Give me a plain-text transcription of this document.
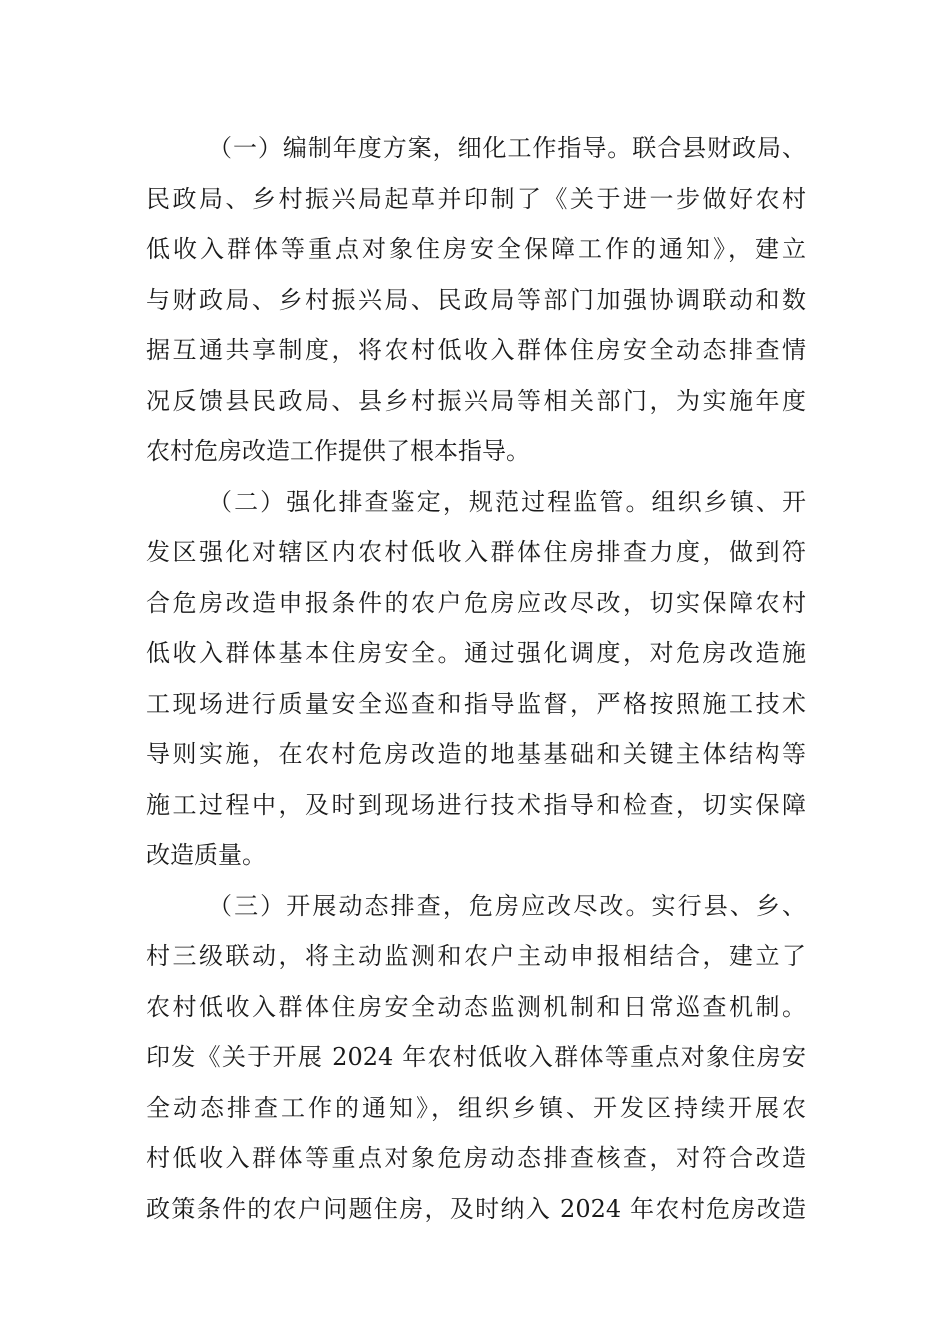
（一）编制年度方案，细化工作指导。联合县财政局、
民政局、乡村振兴局起草并印制了《关于进一步做好农村
低收入群体等重点对象住房安全保障工作的通知》，建立
与财政局、乡村振兴局、民政局等部门加强协调联动和数
据互通共享制度，将农村低收入群体住房安全动态排查情
况反馈县民政局、县乡村振兴局等相关部门，为实施年度
农村危房改造工作提供了根本指导。
（二）强化排查鉴定，规范过程监管。组织乡镇、开
发区强化对辖区内农村低收入群体住房排查力度，做到符
合危房改造申报条件的农户危房应改尽改，切实保障农村
低收入群体基本住房安全。通过强化调度，对危房改造施
工现场进行质量安全巡查和指导监督，严格按照施工技术
导则实施，在农村危房改造的地基基础和关键主体结构等
施工过程中，及时到现场进行技术指导和检查，切实保障
改造质量。
（三）开展动态排查，危房应改尽改。实行县、乡、
村三级联动，将主动监测和农户主动申报相结合，建立了
农村低收入群体住房安全动态监测机制和日常巡查机制。
印发《关于开展 2024 年农村低收入群体等重点对象住房安
全动态排查工作的通知》，组织乡镇、开发区持续开展农
村低收入群体等重点对象危房动态排查核查，对符合改造
政策条件的农户问题住房，及时纳入 2024 年农村危房改造
